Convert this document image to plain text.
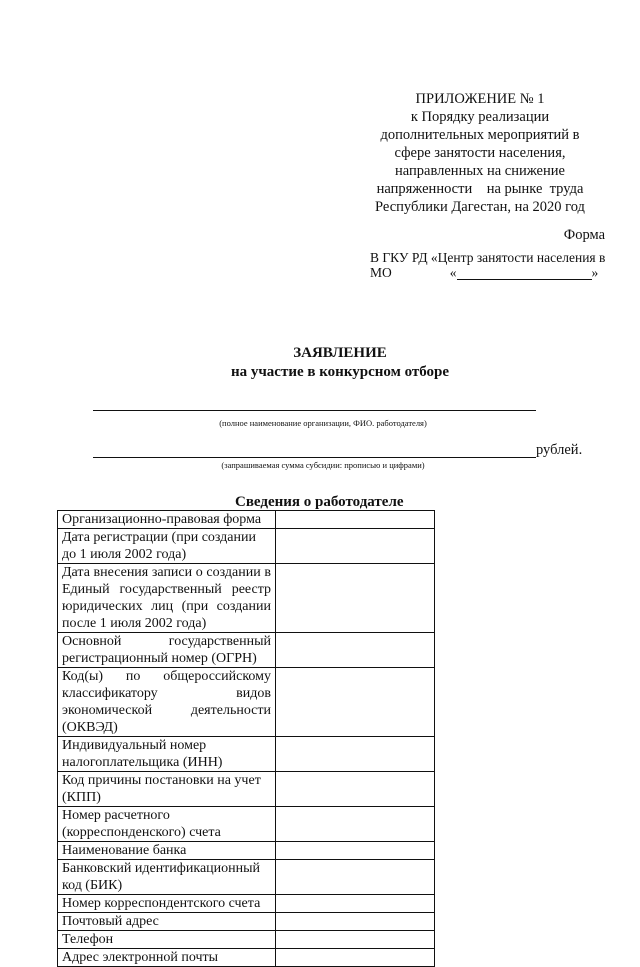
ПРИЛОЖЕНИЕ № 1
к Порядку реализации
дополнительных мероприятий в
сфере занятости населения,
направленных на снижение
напряженности    на рынке  труда
Республики Дагестан, на 2020 год
Форма
В ГКУ РД «Центр занятости населения в
МО	«	»
ЗАЯВЛЕНИЕ
на участие в конкурсном отборе
(полное наименование организации, ФИО. работодателя)
(запрашиваемая сумма субсидии: прописью и цифрами)
рублей.
Сведения о работодателе
Организационно-правовая форма	
Дата регистрации (при создании до 1 июля 2002 года)	
Дата внесения записи о создании в Единый государственный реестр юридических лиц (при создании после 1 июля 2002 года)	
Основной государственный регистрационный номер (ОГРН)	
Код(ы) по общероссийскому классификатору видов экономической деятельности (ОКВЭД)	
Индивидуальный номер налогоплательщика (ИНН)	
Код причины постановки на учет (КПП)	
Номер расчетного (корреспонденского) счета	
Наименование банка	
Банковский идентификационный код (БИК)	
Номер корреспондентского счета	
Почтовый адрес	
Телефон	
Адрес электронной почты	
